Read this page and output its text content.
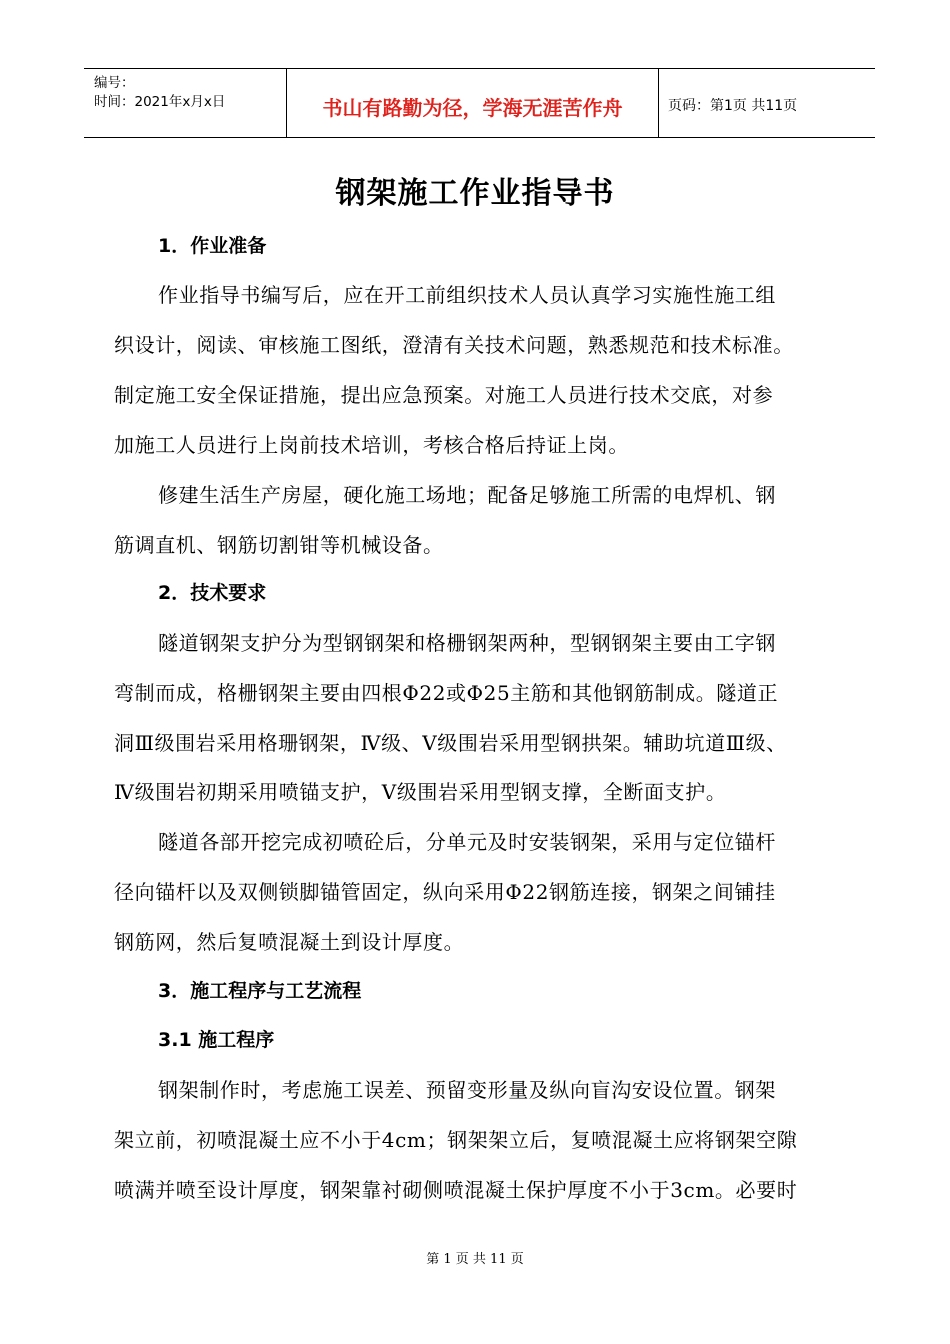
编号：
时间：2021年x月x日	书山有路勤为径，学海无涯苦作舟	页码：第1页 共11页
钢架施工作业指导书
1．作业准备
作业指导书编写后，应在开工前组织技术人员认真学习实施性施工组
织设计，阅读、审核施工图纸，澄清有关技术问题，熟悉规范和技术标准。
制定施工安全保证措施，提出应急预案。对施工人员进行技术交底，对参
加施工人员进行上岗前技术培训，考核合格后持证上岗。
修建生活生产房屋，硬化施工场地；配备足够施工所需的电焊机、钢
筋调直机、钢筋切割钳等机械设备。
2．技术要求
隧道钢架支护分为型钢钢架和格栅钢架两种，型钢钢架主要由工字钢
弯制而成，格栅钢架主要由四根Φ22或Φ25主筋和其他钢筋制成。隧道正
洞Ⅲ级围岩采用格珊钢架，Ⅳ级、Ⅴ级围岩采用型钢拱架。辅助坑道Ⅲ级、
Ⅳ级围岩初期采用喷锚支护，Ⅴ级围岩采用型钢支撑，全断面支护。
隧道各部开挖完成初喷砼后，分单元及时安装钢架，采用与定位锚杆
径向锚杆以及双侧锁脚锚管固定，纵向采用Φ22钢筋连接，钢架之间铺挂
钢筋网，然后复喷混凝土到设计厚度。
3．施工程序与工艺流程
3.1 施工程序
钢架制作时，考虑施工误差、预留变形量及纵向盲沟安设位置。钢架
架立前，初喷混凝土应不小于4cm；钢架架立后，复喷混凝土应将钢架空隙
喷满并喷至设计厚度，钢架靠衬砌侧喷混凝土保护厚度不小于3cm。必要时
第 1 页 共 11 页
